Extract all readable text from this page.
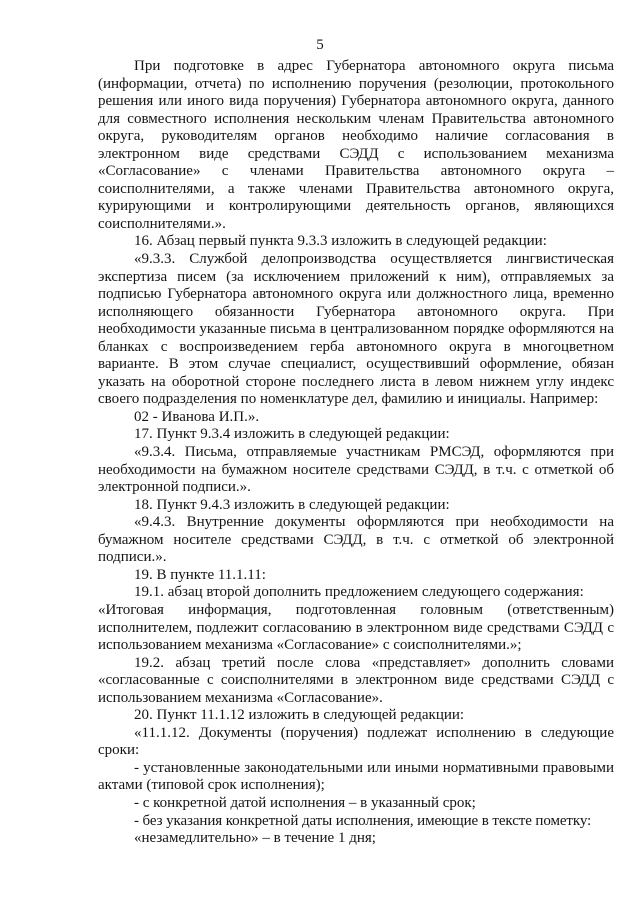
5

При подготовке в адрес Губернатора автономного округа письма (информации, отчета) по исполнению поручения (резолюции, протокольного решения или иного вида поручения) Губернатора автономного округа, данного для совместного исполнения нескольким членам Правительства автономного округа, руководителям органов необходимо наличие согласования в электронном виде средствами СЭДД с использованием механизма «Согласование» с членами Правительства автономного округа – соисполнителями, а также членами Правительства автономного округа, курирующими и контролирующими деятельность органов, являющихся соисполнителями.».

16. Абзац первый пункта 9.3.3 изложить в следующей редакции:

«9.3.3. Службой делопроизводства осуществляется лингвистическая экспертиза писем (за исключением приложений к ним), отправляемых за подписью Губернатора автономного округа или должностного лица, временно исполняющего обязанности Губернатора автономного округа. При необходимости указанные письма в централизованном порядке оформляются на бланках с воспроизведением герба автономного округа в многоцветном варианте. В этом случае специалист, осуществивший оформление, обязан указать на оборотной стороне последнего листа в левом нижнем углу индекс своего подразделения по номенклатуре дел, фамилию и инициалы. Например:

02 - Иванова И.П.».

17. Пункт 9.3.4 изложить в следующей редакции:

«9.3.4. Письма, отправляемые участникам РМСЭД, оформляются при необходимости на бумажном носителе средствами СЭДД, в т.ч. с отметкой об электронной подписи.».

18. Пункт 9.4.3 изложить в следующей редакции:

«9.4.3. Внутренние документы оформляются при необходимости на бумажном носителе средствами СЭДД, в т.ч. с отметкой об электронной подписи.».

19. В пункте 11.1.11:

19.1. абзац второй дополнить предложением следующего содержания:

«Итоговая информация, подготовленная головным (ответственным) исполнителем, подлежит согласованию в электронном виде средствами СЭДД с использованием механизма «Согласование» с соисполнителями.»;

19.2. абзац третий после слова «представляет» дополнить словами «согласованные с соисполнителями в электронном виде средствами СЭДД с использованием механизма «Согласование».

20. Пункт 11.1.12 изложить в следующей редакции:

«11.1.12. Документы (поручения) подлежат исполнению в следующие сроки:

- установленные законодательными или иными нормативными правовыми актами (типовой срок исполнения);

- с конкретной датой исполнения – в указанный срок;

- без указания конкретной даты исполнения, имеющие в тексте пометку:

«незамедлительно» – в течение 1 дня;
